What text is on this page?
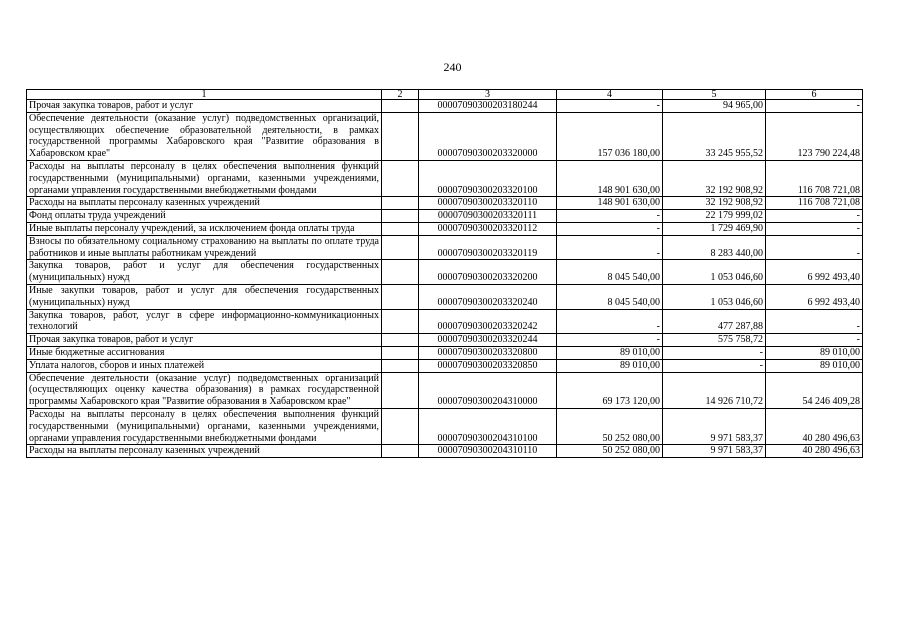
240
1	2	3	4	5	6
Прочая закупка товаров, работ и услуг		00007090300203180244	-	94 965,00	-
Обеспечение деятельности (оказание услуг) подведомственных организаций, осуществляющих обеспечение образовательной деятельности, в рамках государственной программы Хабаровского края "Развитие образования в Хабаровском крае"		00007090300203320000	157 036 180,00	33 245 955,52	123 790 224,48
Расходы на выплаты персоналу в целях обеспечения выполнения функций государственными (муниципальными) органами, казенными учреждениями, органами управления государственными внебюджетными фондами		00007090300203320100	148 901 630,00	32 192 908,92	116 708 721,08
Расходы на выплаты персоналу казенных учреждений		00007090300203320110	148 901 630,00	32 192 908,92	116 708 721,08
Фонд оплаты труда учреждений		00007090300203320111	-	22 179 999,02	-
Иные выплаты персоналу учреждений, за исключением фонда оплаты труда		00007090300203320112	-	1 729 469,90	-
Взносы по обязательному социальному страхованию на выплаты по оплате труда работников и иные выплаты работникам учреждений		00007090300203320119	-	8 283 440,00	-
Закупка товаров, работ и услуг для обеспечения государственных (муниципальных) нужд		00007090300203320200	8 045 540,00	1 053 046,60	6 992 493,40
Иные закупки товаров, работ и услуг для обеспечения государственных (муниципальных) нужд		00007090300203320240	8 045 540,00	1 053 046,60	6 992 493,40
Закупка товаров, работ, услуг в сфере информационно-коммуникационных технологий		00007090300203320242	-	477 287,88	-
Прочая закупка товаров, работ и услуг		00007090300203320244	-	575 758,72	-
Иные бюджетные ассигнования		00007090300203320800	89 010,00	-	89 010,00
Уплата налогов, сборов и иных платежей		00007090300203320850	89 010,00	-	89 010,00
Обеспечение деятельности (оказание услуг) подведомственных организаций (осуществляющих оценку качества образования) в рамках государственной программы Хабаровского края "Развитие образования в Хабаровском крае"		00007090300204310000	69 173 120,00	14 926 710,72	54 246 409,28
Расходы на выплаты персоналу в целях обеспечения выполнения функций государственными (муниципальными) органами, казенными учреждениями, органами управления государственными внебюджетными фондами		00007090300204310100	50 252 080,00	9 971 583,37	40 280 496,63
Расходы на выплаты персоналу казенных учреждений		00007090300204310110	50 252 080,00	9 971 583,37	40 280 496,63
